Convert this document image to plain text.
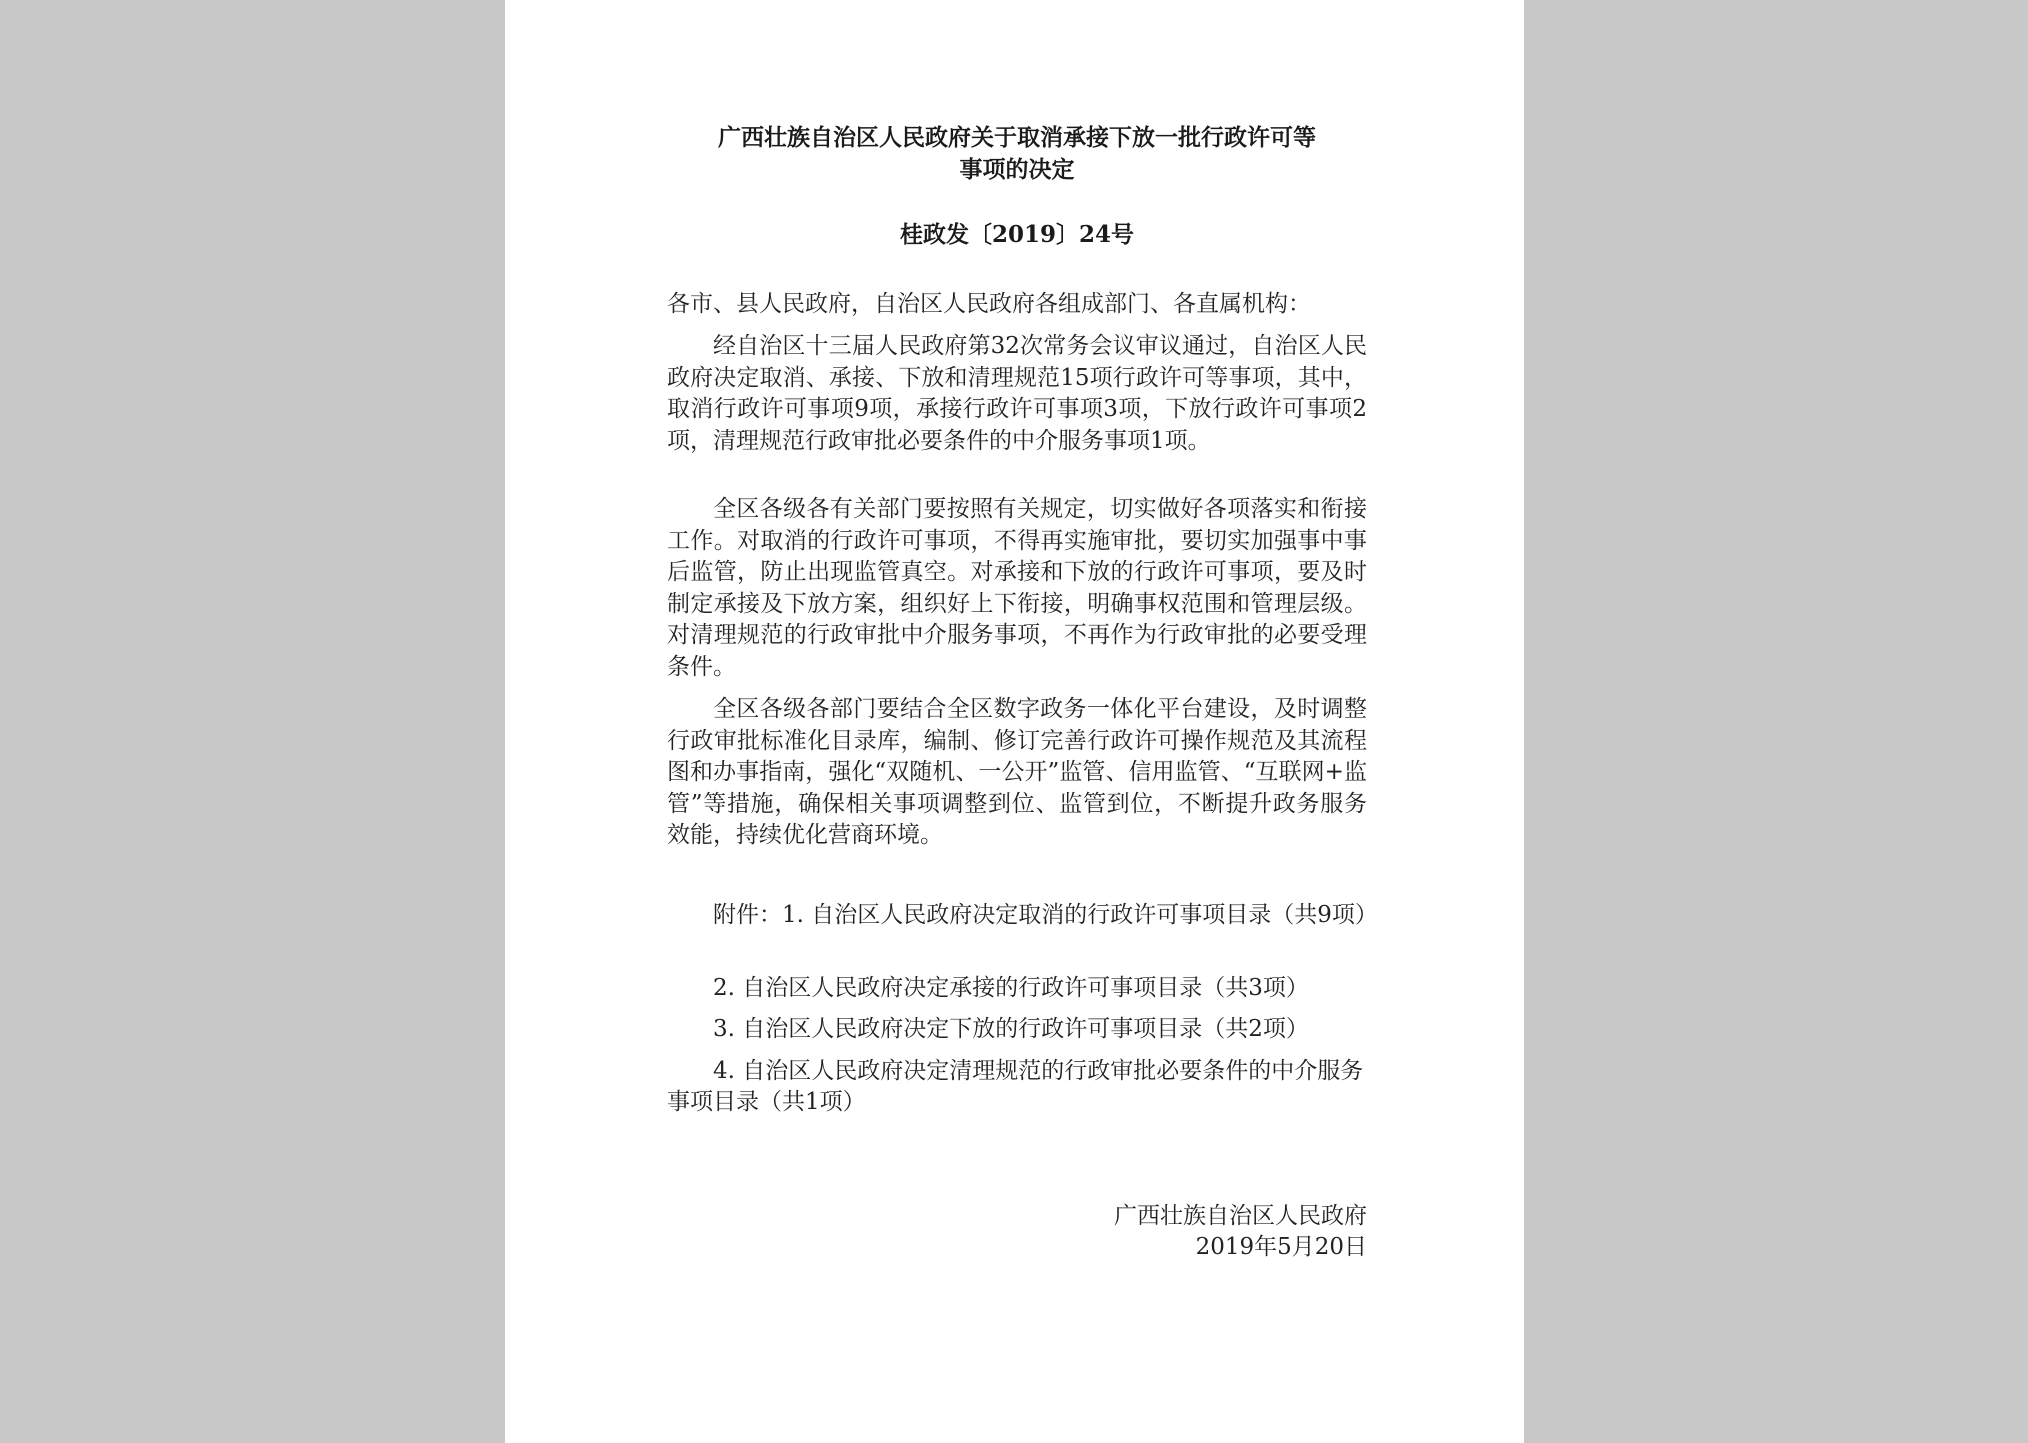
广西壮族自治区人民政府关于取消承接下放一批行政许可等
事项的决定
桂政发〔2019〕24号
各市、县人民政府，自治区人民政府各组成部门、各直属机构：
经自治区十三届人民政府第32次常务会议审议通过，自治区人民政府决定取消、承接、下放和清理规范15项行政许可等事项，其中，取消行政许可事项9项，承接行政许可事项3项，下放行政许可事项2项，清理规范行政审批必要条件的中介服务事项1项。
全区各级各有关部门要按照有关规定，切实做好各项落实和衔接工作。对取消的行政许可事项，不得再实施审批，要切实加强事中事后监管，防止出现监管真空。对承接和下放的行政许可事项，要及时制定承接及下放方案，组织好上下衔接，明确事权范围和管理层级。对清理规范的行政审批中介服务事项，不再作为行政审批的必要受理条件。
全区各级各部门要结合全区数字政务一体化平台建设，及时调整行政审批标准化目录库，编制、修订完善行政许可操作规范及其流程图和办事指南，强化“双随机、一公开”监管、信用监管、“互联网+监管”等措施，确保相关事项调整到位、监管到位，不断提升政务服务效能，持续优化营商环境。
附件：1. 自治区人民政府决定取消的行政许可事项目录（共9项）
2. 自治区人民政府决定承接的行政许可事项目录（共3项）
3. 自治区人民政府决定下放的行政许可事项目录（共2项）
4. 自治区人民政府决定清理规范的行政审批必要条件的中介服务事项目录（共1项）
广西壮族自治区人民政府
2019年5月20日
